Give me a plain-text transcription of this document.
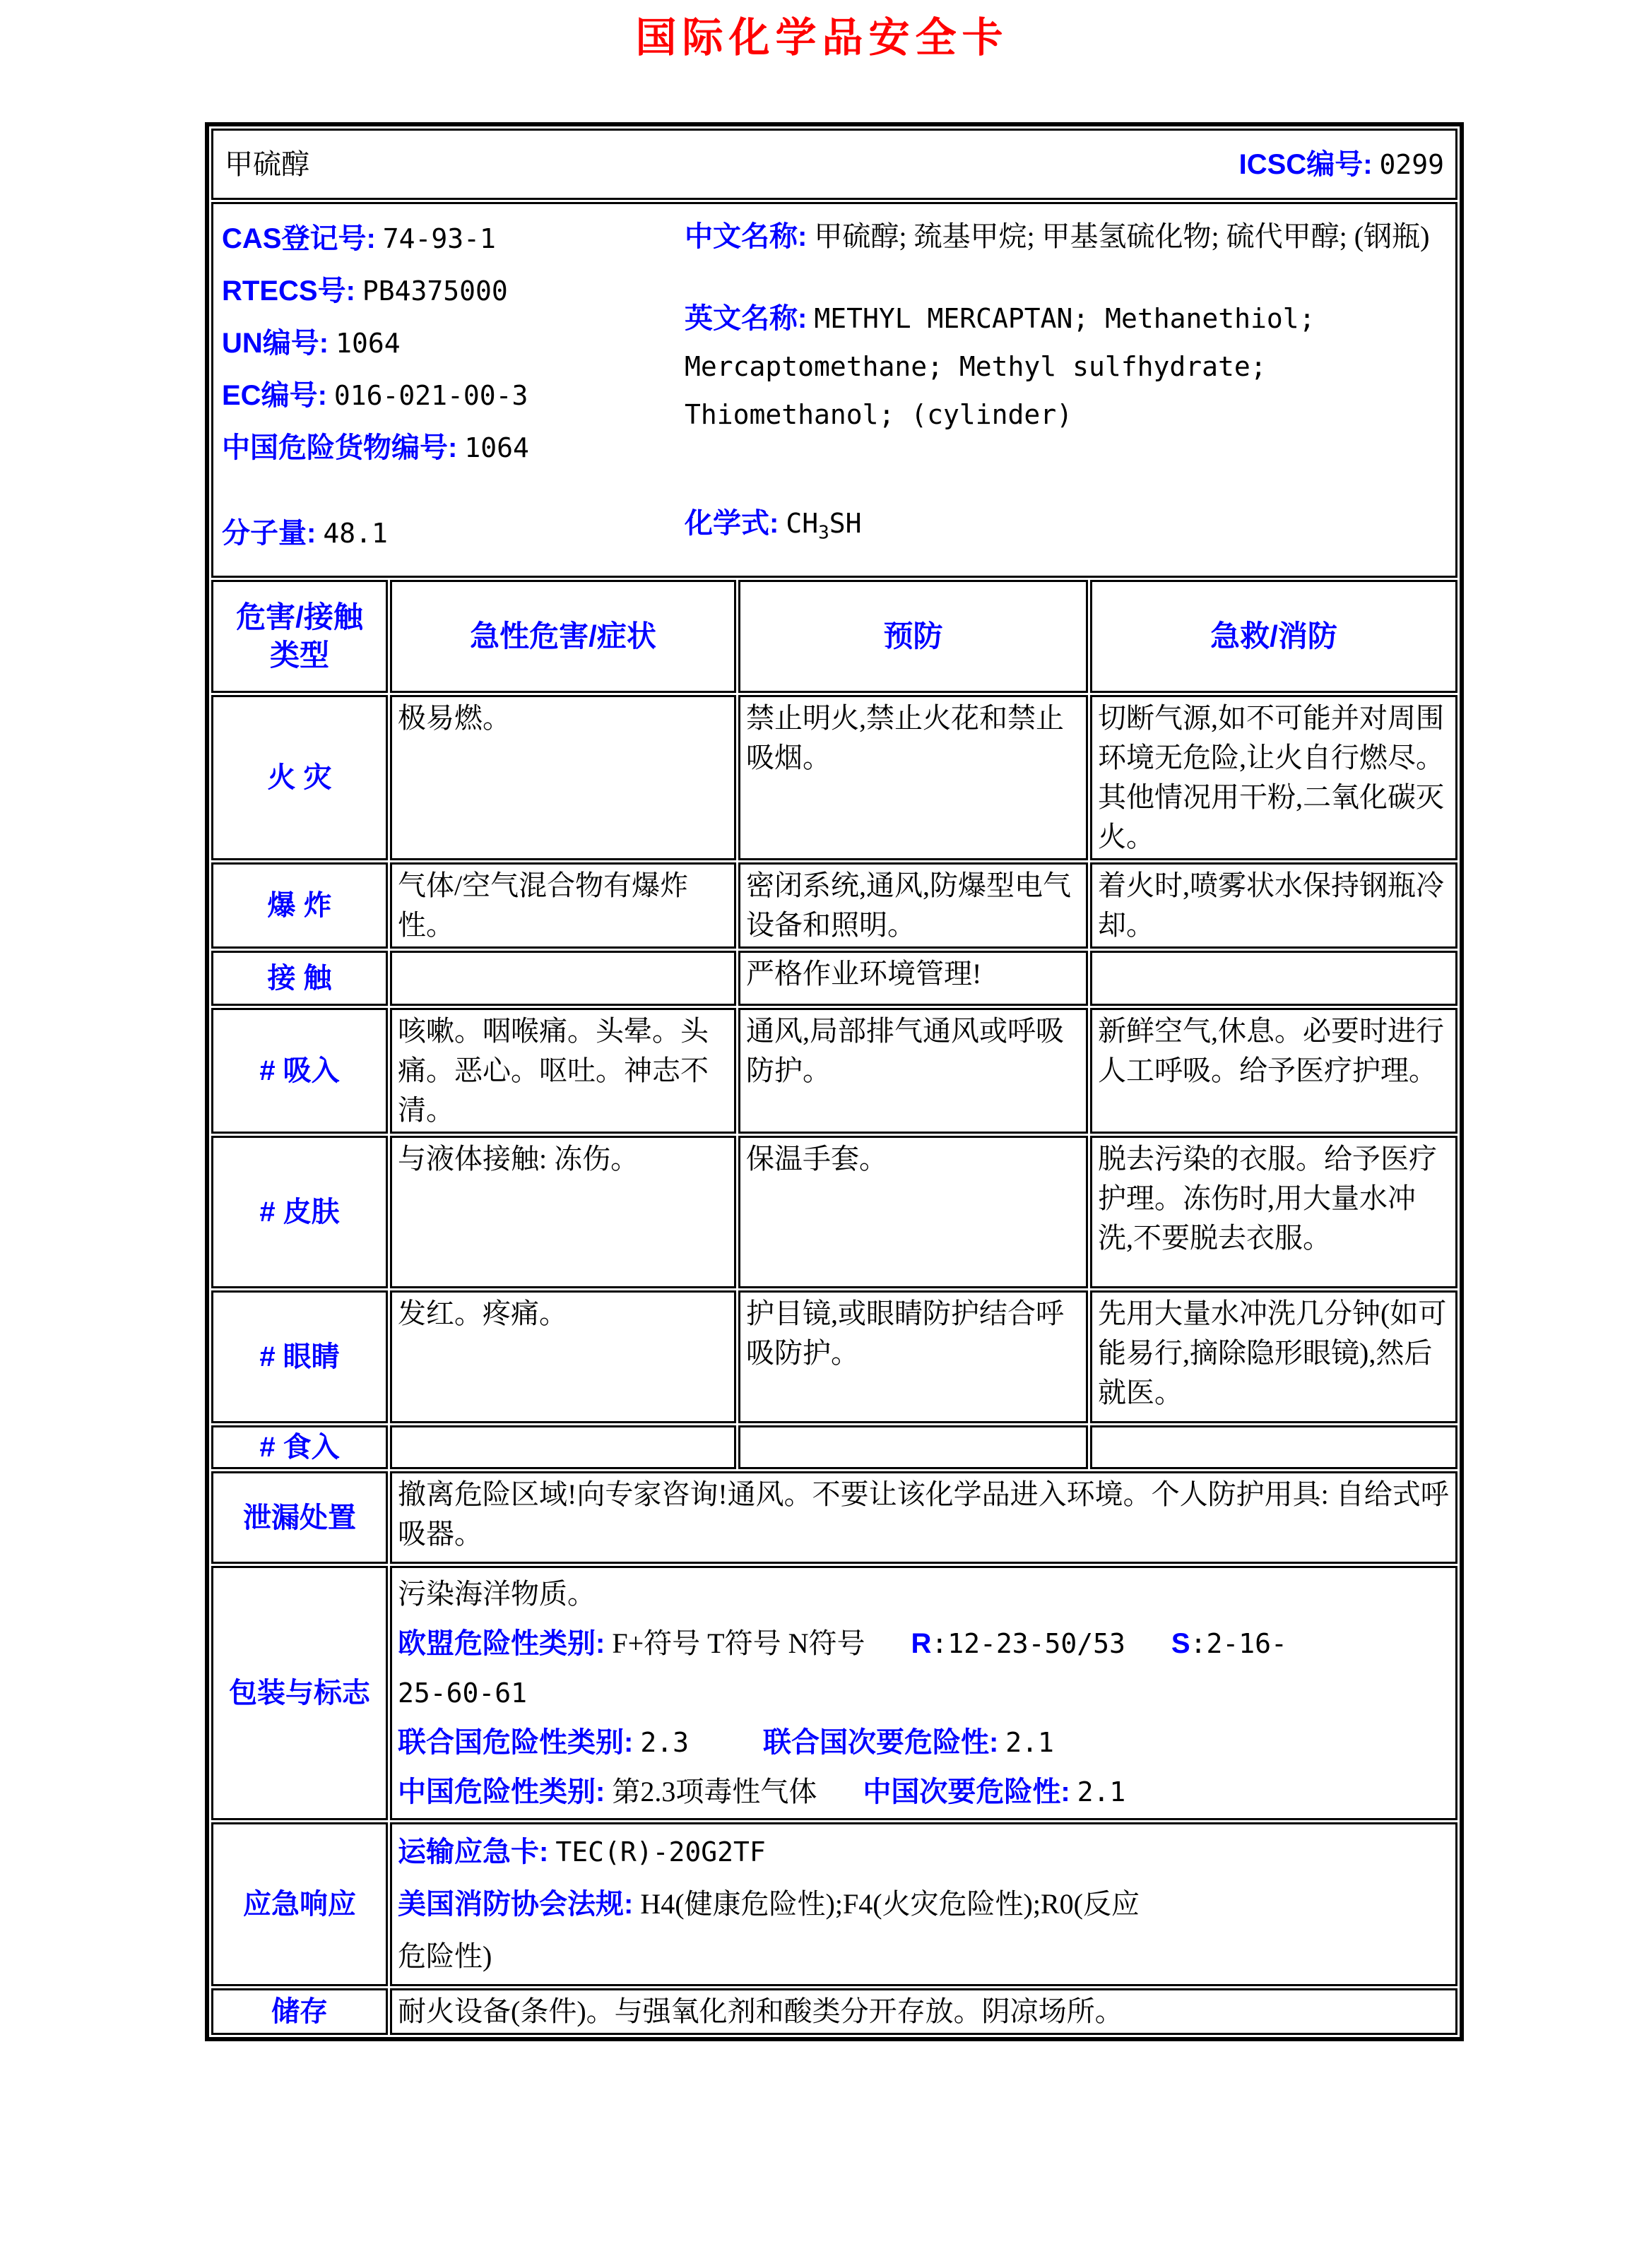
国际化学品安全卡
甲硫醇 ICSC编号: 0299			

CAS登记号: 74-93-1
RTECS号: PB4375000
UN编号: 1064
EC编号: 016-021-00-3
中国危险货物编号: 1064
分子量: 48.1

中文名称: 甲硫醇; 巯基甲烷; 甲基氢硫化物; 硫代甲醇; (钢瓶)

英文名称: METHYL MERCAPTAN; Methanethiol; Mercaptomethane; Methyl sulfhydrate; Thiomethanol; (cylinder)

化学式: $CH_3SH$

危害/接触
类型	急性危害/症状	预防	急救/消防
火 灾	极易燃。	禁止明火,禁止火花和禁止吸烟。	切断气源,如不可能并对周围环境无危险,让火自行燃尽。其他情况用干粉,二氧化碳灭火。
爆 炸	气体/空气混合物有爆炸性。	密闭系统,通风,防爆型电气设备和照明。	着火时,喷雾状水保持钢瓶冷却。
接 触		严格作业环境管理!	
# 吸入	咳嗽。咽喉痛。头晕。头痛。恶心。呕吐。神志不清。	通风,局部排气通风或呼吸防护。	新鲜空气,休息。必要时进行人工呼吸。给予医疗护理。
# 皮肤	与液体接触: 冻伤。	保温手套。	脱去污染的衣服。给予医疗护理。冻伤时,用大量水冲洗,不要脱去衣服。
# 眼睛	发红。疼痛。	护目镜,或眼睛防护结合呼吸防护。	先用大量水冲洗几分钟(如可能易行,摘除隐形眼镜),然后就医。
# 食入			
泄漏处置	撤离危险区域!向专家咨询!通风。不要让该化学品进入环境。个人防护用具: 自给式呼吸器。		
包装与标志	污染海洋物质。
欧盟危险性类别: F+符号 T符号 N符号 R:12-23-50/53 S:2-16-
25-60-61
联合国危险性类别: 2.3 联合国次要危险性: 2.1
中国危险性类别: 第2.3项毒性气体 中国次要危险性: 2.1		

应急响应	运输应急卡: TEC(R)-20G2TF
美国消防协会法规: H4(健康危险性);F4(火灾危险性);R0(反应
危险性)		

储存	耐火设备(条件)。与强氧化剂和酸类分开存放。阴凉场所。		
